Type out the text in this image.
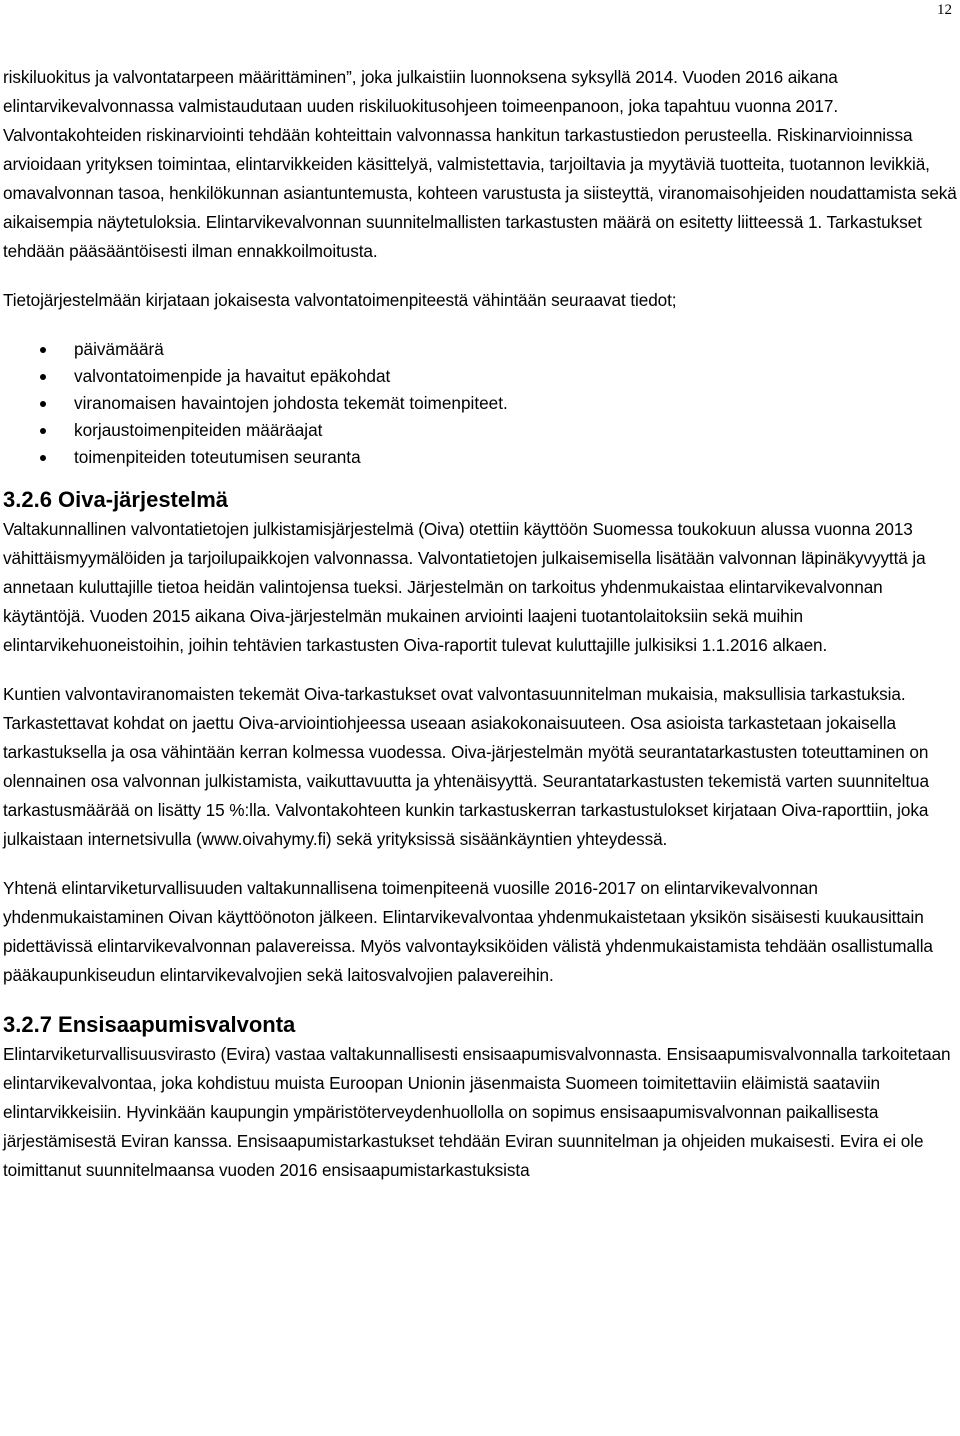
12

riskiluokitus ja valvontatarpeen määrittäminen”, joka julkaistiin luonnoksena syksyllä 2014. Vuoden 2016 aikana elintarvikevalvonnassa valmistaudutaan uuden riskiluokitusohjeen toimeenpanoon, joka tapahtuu vuonna 2017. Valvontakohteiden riskinarviointi tehdään kohteittain valvonnassa hankitun tarkastustiedon perusteella. Riskinarvioinnissa arvioidaan yrityksen toimintaa, elintarvikkeiden käsittelyä, valmistettavia, tarjoiltavia ja myytäviä tuotteita, tuotannon levikkiä, omavalvonnan tasoa, henkilökunnan asiantuntemusta, kohteen varustusta ja siisteyttä, viranomaisohjeiden noudattamista sekä aikaisempia näytetuloksia. Elintarvikevalvonnan suunnitelmallisten tarkastusten määrä on esitetty liitteessä 1. Tarkastukset tehdään pääsääntöisesti ilman ennakkoilmoitusta.

Tietojärjestelmään kirjataan jokaisesta valvontatoimenpiteestä vähintään seuraavat tiedot;

päivämäärä
valvontatoimenpide ja havaitut epäkohdat
viranomaisen havaintojen johdosta tekemät toimenpiteet.
korjaustoimenpiteiden määräajat
toimenpiteiden toteutumisen seuranta
3.2.6 Oiva-järjestelmä

Valtakunnallinen valvontatietojen julkistamisjärjestelmä (Oiva) otettiin käyttöön Suomessa toukokuun alussa vuonna 2013 vähittäismyymälöiden ja tarjoilupaikkojen valvonnassa. Valvontatietojen julkaisemisella lisätään valvonnan läpinäkyvyyttä ja annetaan kuluttajille tietoa heidän valintojensa tueksi. Järjestelmän on tarkoitus yhdenmukaistaa elintarvikevalvonnan käytäntöjä. Vuoden 2015 aikana Oiva-järjestelmän mukainen arviointi laajeni tuotantolaitoksiin sekä muihin elintarvikehuoneistoihin, joihin tehtävien tarkastusten Oiva-raportit tulevat kuluttajille julkisiksi 1.1.2016 alkaen.

Kuntien valvontaviranomaisten tekemät Oiva-tarkastukset ovat valvontasuunnitelman mukaisia, maksullisia tarkastuksia. Tarkastettavat kohdat on jaettu Oiva-arviointiohjeessa useaan asiakokonaisuuteen. Osa asioista tarkastetaan jokaisella tarkastuksella ja osa vähintään kerran kolmessa vuodessa. Oiva-järjestelmän myötä seurantatarkastusten toteuttaminen on olennainen osa valvonnan julkistamista, vaikuttavuutta ja yhtenäisyyttä. Seurantatarkastusten tekemistä varten suunniteltua tarkastusmäärää on lisätty 15 %:lla. Valvontakohteen kunkin tarkastuskerran tarkastustulokset kirjataan Oiva-raporttiin, joka julkaistaan internetsivulla (www.oivahymy.fi) sekä yrityksissä sisäänkäyntien yhteydessä.

Yhtenä elintarviketurvallisuuden valtakunnallisena toimenpiteenä vuosille 2016-2017 on elintarvikevalvonnan yhdenmukaistaminen Oivan käyttöönoton jälkeen. Elintarvikevalvontaa yhdenmukaistetaan yksikön sisäisesti kuukausittain pidettävissä elintarvikevalvonnan palavereissa. Myös valvontayksiköiden välistä yhdenmukaistamista tehdään osallistumalla pääkaupunkiseudun elintarvikevalvojien sekä laitosvalvojien palavereihin.

3.2.7 Ensisaapumisvalvonta

Elintarviketurvallisuusvirasto (Evira) vastaa valtakunnallisesti ensisaapumisvalvonnasta. Ensisaapumisvalvonnalla tarkoitetaan elintarvikevalvontaa, joka kohdistuu muista Euroopan Unionin jäsenmaista Suomeen toimitettaviin eläimistä saataviin elintarvikkeisiin. Hyvinkään kaupungin ympäristöterveydenhuollolla on sopimus ensisaapumisvalvonnan paikallisesta järjestämisestä Eviran kanssa. Ensisaapumistarkastukset tehdään Eviran suunnitelman ja ohjeiden mukaisesti. Evira ei ole toimittanut suunnitelmaansa vuoden 2016 ensisaapumistarkastuksista
